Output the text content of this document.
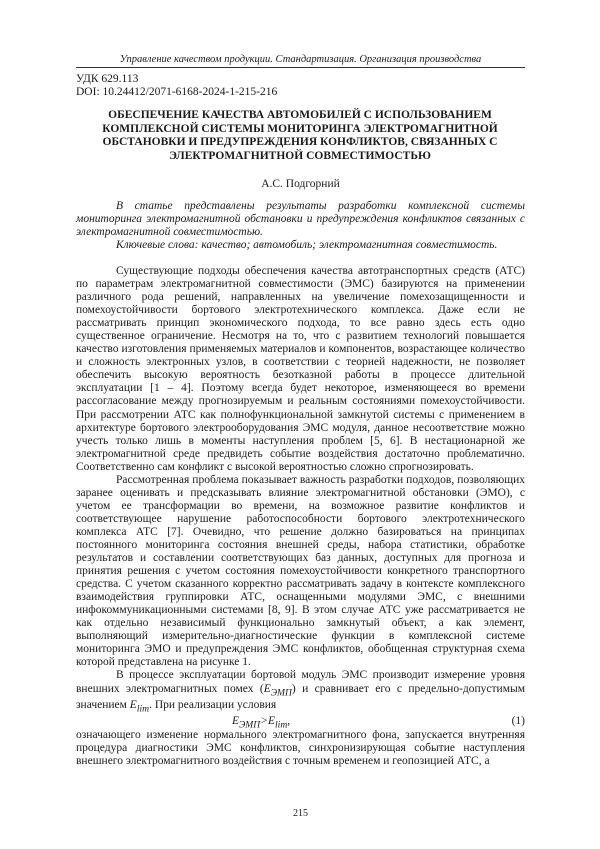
Управление качеством продукции. Стандартизация. Организация производства
УДК 629.113
DOI: 10.24412/2071-6168-2024-1-215-216
ОБЕСПЕЧЕНИЕ КАЧЕСТВА АВТОМОБИЛЕЙ С ИСПОЛЬЗОВАНИЕМ КОМПЛЕКСНОЙ СИСТЕМЫ МОНИТОРИНГА ЭЛЕКТРОМАГНИТНОЙ ОБСТАНОВКИ И ПРЕДУПРЕЖДЕНИЯ КОНФЛИКТОВ, СВЯЗАННЫХ С ЭЛЕКТРОМАГНИТНОЙ СОВМЕСТИМОСТЬЮ
А.С. Подгорний

В статье представлены результаты разработки комплексной системы мониторинга электромагнитной обстановки и предупреждения конфликтов связанных с электромагнитной совместимостью.

Ключевые слова: качество; автомобиль; электромагнитная совместимость.

Существующие подходы обеспечения качества автотранспортных средств (АТС) по параметрам электромагнитной совместимости (ЭМС) базируются на применении различного рода решений, направленных на увеличение помехозащищенности и помехоустойчивости бортового электротехнического комплекса. Даже если не рассматривать принцип экономического подхода, то все равно здесь есть одно существенное ограничение. Несмотря на то, что с развитием технологий повышается качество изготовления применяемых материалов и компонентов, возрастающее количество и сложность электронных узлов, в соответствии с теорией надежности, не позволяет обеспечить высокую вероятность безотказной работы в процессе длительной эксплуатации [1 – 4]. Поэтому всегда будет некоторое, изменяющееся во времени рассогласование между прогнозируемым и реальным состояниями помехоустойчивости. При рассмотрении АТС как полнофункциональной замкнутой системы с применением в архитектуре бортового электрооборудования ЭМС модуля, данное несоответствие можно учесть только лишь в моменты наступления проблем [5, 6]. В нестационарной же электромагнитной среде предвидеть событие воздействия достаточно проблематично. Соответственно сам конфликт с высокой вероятностью сложно спрогнозировать.

Рассмотренная проблема показывает важность разработки подходов, позволяющих заранее оценивать и предсказывать влияние электромагнитной обстановки (ЭМО), с учетом ее трансформации во времени, на возможное развитие конфликтов и соответствующее нарушение работоспособности бортового электротехнического комплекса АТС [7]. Очевидно, что решение должно базироваться на принципах постоянного мониторинга состояния внешней среды, набора статистики, обработке результатов и составлении соответствующих баз данных, доступных для прогноза и принятия решения с учетом состояния помехоустойчивости конкретного транспортного средства. С учетом сказанного корректно рассматривать задачу в контексте комплексного взаимодействия группировки АТС, оснащенными модулями ЭМС, с внешними инфокоммуникационными системами [8, 9]. В этом случае АТС уже рассматривается не как отдельно независимый функционально замкнутый объект, а как элемент, выполняющий измерительно-диагностические функции в комплексной системе мониторинга ЭМО и предупреждения ЭМС конфликтов, обобщенная структурная схема которой представлена на рисунке 1.

В процессе эксплуатации бортовой модуль ЭМС производит измерение уровня внешних электромагнитных помех $(E_{ЭМП})$ и сравнивает его с предельно-допустимым значением $E_{lim}$. При реализации условия

$E_{ЭМП}>E_{lim}$,	(1)
означающего изменение нормального электромагнитного фона, запускается внутренняя процедура диагностики ЭМС конфликтов, синхронизирующая событие наступления внешнего электромагнитного воздействия с точным временем и геопозицией АТС, а
215
